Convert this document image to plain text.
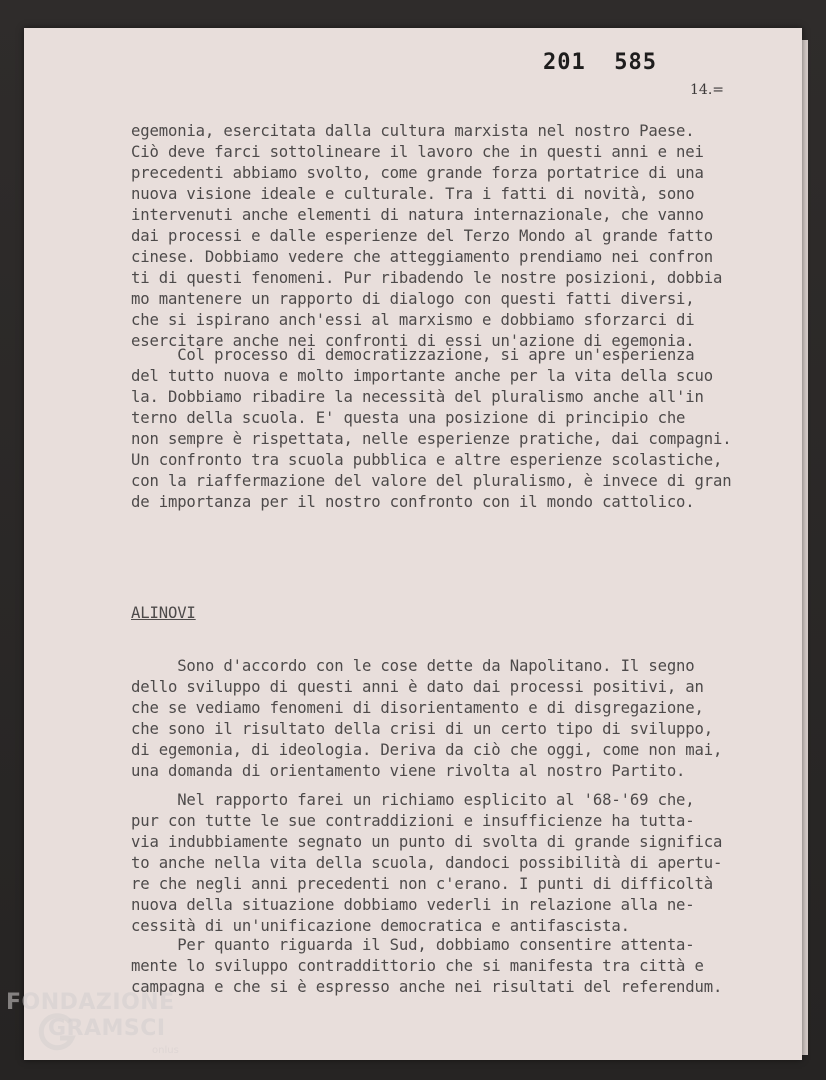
201  585
14.=
egemonia, esercitata dalla cultura marxista nel nostro Paese.
Ciò deve farci sottolineare il lavoro che in questi anni e nei
precedenti abbiamo svolto, come grande forza portatrice di una
nuova visione ideale e culturale. Tra i fatti di novità, sono
intervenuti anche elementi di natura internazionale, che vanno
dai processi e dalle esperienze del Terzo Mondo al grande fatto
cinese. Dobbiamo vedere che atteggiamento prendiamo nei confron
ti di questi fenomeni. Pur ribadendo le nostre posizioni, dobbia
mo mantenere un rapporto di dialogo con questi fatti diversi,
che si ispirano anch'essi al marxismo e dobbiamo sforzarci di
esercitare anche nei confronti di essi un'azione di egemonia.
Col processo di democratizzazione, si apre un'esperienza
del tutto nuova e molto importante anche per la vita della scuo
la. Dobbiamo ribadire la necessità del pluralismo anche all'in
terno della scuola. E' questa una posizione di principio che
non sempre è rispettata, nelle esperienze pratiche, dai compagni.
Un confronto tra scuola pubblica e altre esperienze scolastiche,
con la riaffermazione del valore del pluralismo, è invece di gran
de importanza per il nostro confronto con il mondo cattolico.
ALINOVI
Sono d'accordo con le cose dette da Napolitano. Il segno
dello sviluppo di questi anni è dato dai processi positivi, an
che se vediamo fenomeni di disorientamento e di disgregazione,
che sono il risultato della crisi di un certo tipo di sviluppo,
di egemonia, di ideologia. Deriva da ciò che oggi, come non mai,
una domanda di orientamento viene rivolta al nostro Partito.
Nel rapporto farei un richiamo esplicito al '68-'69 che,
pur con tutte le sue contraddizioni e insufficienze ha tutta-
via indubbiamente segnato un punto di svolta di grande significa
to anche nella vita della scuola, dandoci possibilità di apertu-
re che negli anni precedenti non c'erano. I punti di difficoltà
nuova della situazione dobbiamo vederli in relazione alla ne-
cessità di un'unificazione democratica e antifascista.
Per quanto riguarda il Sud, dobbiamo consentire attenta-
mente lo sviluppo contraddittorio che si manifesta tra città e
campagna e che si è espresso anche nei risultati del referendum.
FONDAZIONE
GRAMSCI
onlus
